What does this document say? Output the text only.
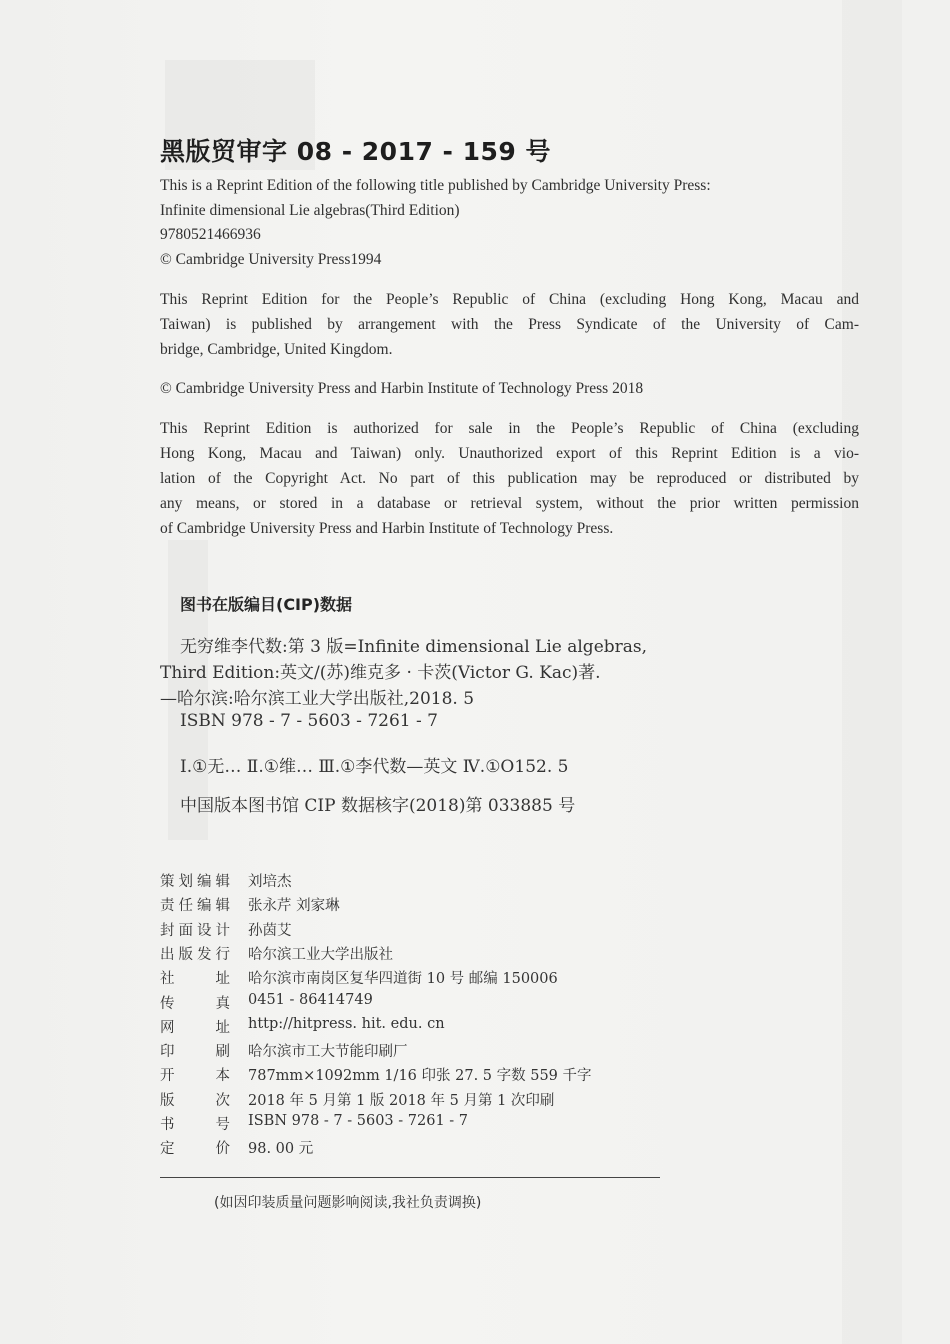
黑版贸审字 08 - 2017 - 159 号
This is a Reprint Edition of the following title published by Cambridge University Press:
Infinite dimensional Lie algebras(Third Edition)
9780521466936
© Cambridge University Press1994
This Reprint Edition for the People’s Republic of China (excluding Hong Kong, Macau and
Taiwan) is published by arrangement with the Press Syndicate of the University of Cam-
bridge, Cambridge, United Kingdom.
© Cambridge University Press and Harbin Institute of Technology Press 2018
This Reprint Edition is authorized for sale in the People’s Republic of China (excluding
Hong Kong, Macau and Taiwan) only. Unauthorized export of this Reprint Edition is a vio-
lation of the Copyright Act. No part of this publication may be reproduced or distributed by
any means, or stored in a database or retrieval system, without the prior written permission
of Cambridge University Press and Harbin Institute of Technology Press.
图书在版编目(CIP)数据
无穷维李代数:第 3 版=Infinite dimensional Lie algebras,
Third Edition:英文/(苏)维克多 · 卡茨(Victor G. Kac)著.
—哈尔滨:哈尔滨工业大学出版社,2018. 5
ISBN 978 - 7 - 5603 - 7261 - 7
Ⅰ.①无… Ⅱ.①维… Ⅲ.①李代数—英文 Ⅳ.①O152. 5
中国版本图书馆 CIP 数据核字(2018)第 033885 号
策 划 编 辑 刘培杰
责 任 编 辑 张永芹 刘家琳
封 面 设 计 孙茵艾
出 版 发 行 哈尔滨工业大学出版社
社	址 哈尔滨市南岗区复华四道街 10 号 邮编 150006
传	真 0451 - 86414749
网	址 http://hitpress. hit. edu. cn
印	刷 哈尔滨市工大节能印刷厂
开	本 787mm×1092mm 1/16 印张 27. 5 字数 559 千字
版	次 2018 年 5 月第 1 版 2018 年 5 月第 1 次印刷
书	号 ISBN 978 - 7 - 5603 - 7261 - 7
定	价 98. 00 元
(如因印装质量问题影响阅读,我社负责调换)
